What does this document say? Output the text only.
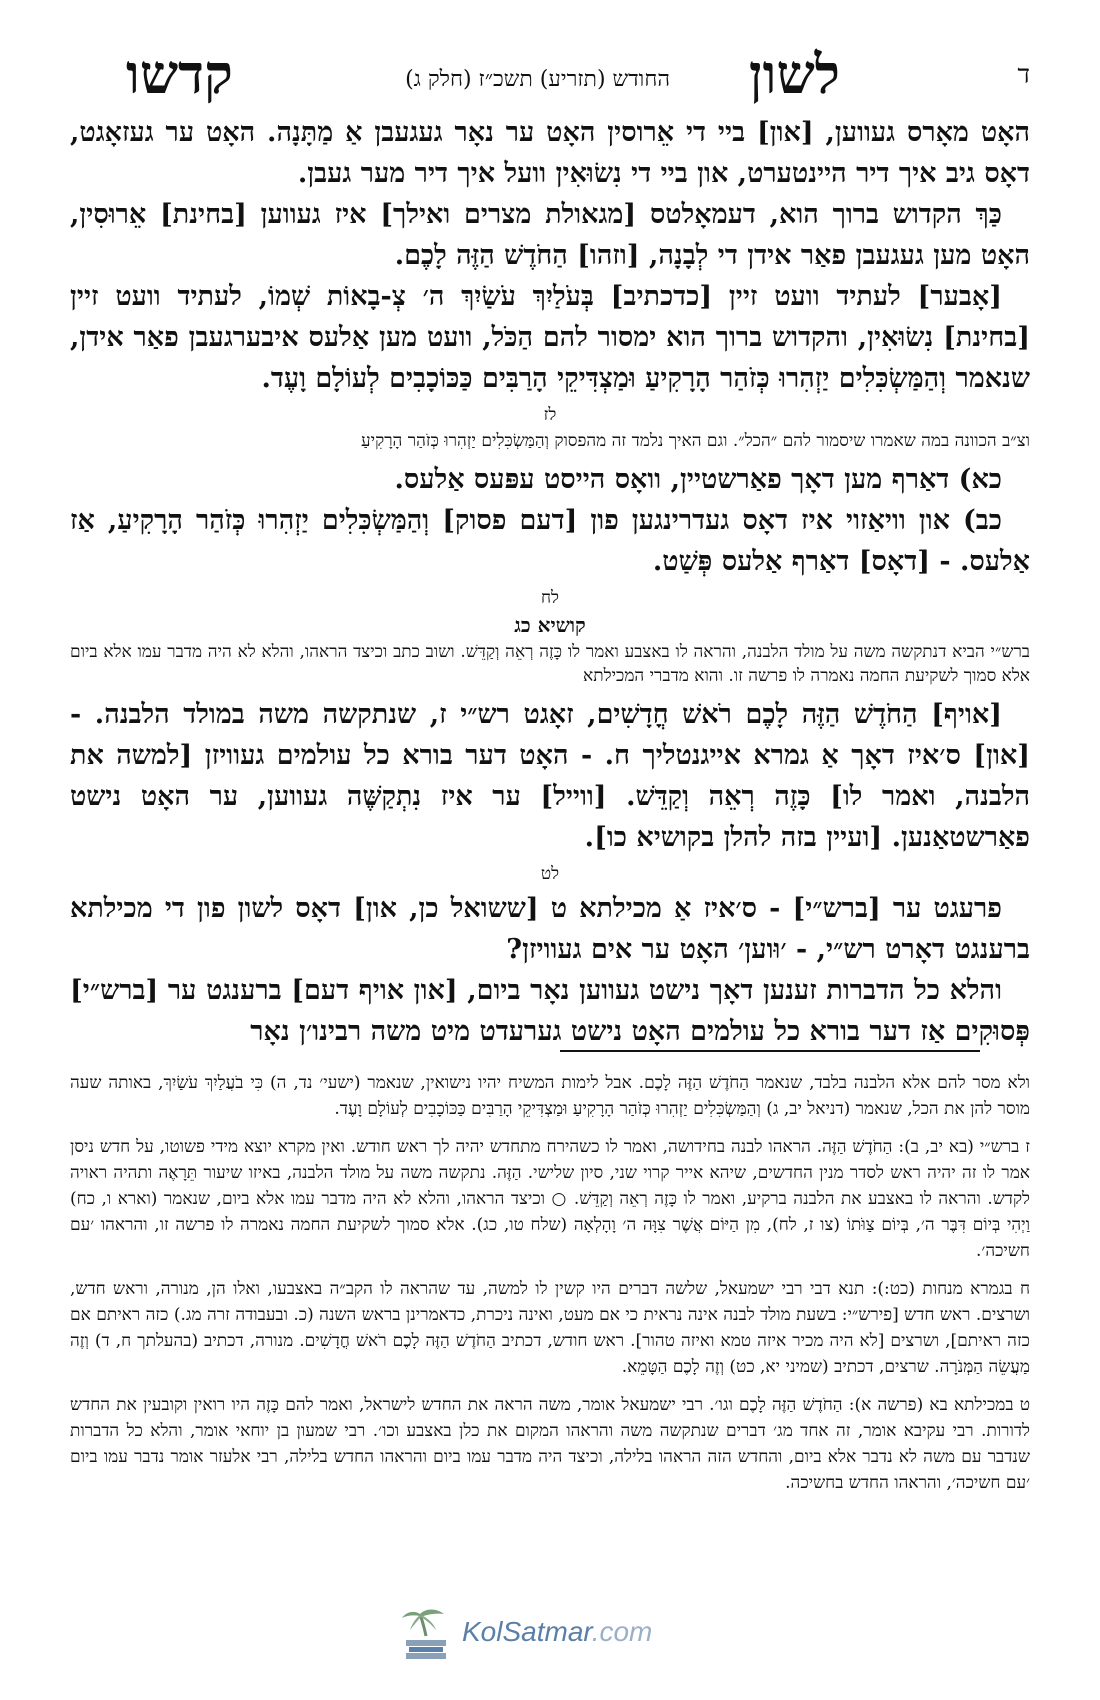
ד
לשון
החודש (תזריע) תשכ״ז (חלק ג)
קדשו

האָט מאָרס געווען, [און] ביי די אֵרוסין האָט ער נאָר געגעבן אַ מַתָּנָה. האָט ער געזאָגט, דאָס גיב איך דיר היינטערט, און ביי די נִשׂוּאִין וועל איך דיר מער געבן.

כַּךְ הקדוש ברוך הוא, דעמאָלטס [מגאולת מצרים ואילך] איז געווען [בחינת] אֵרוּסִין, האָט מען געגעבן פאַר אידן די לְבָנָה, [וזהו] הַחֹדֶשׁ הַזֶּה לָכֶם.

[אָבער] לעתיד וועט זיין [כדכתיב] בְּעֹלַיִךְ עֹשַׂיִךְ ה׳ צְ-בָאוֹת שְׁמוֹ, לעתיד וועט זיין [בחינת] נִשׂוּאִין, והקדוש ברוך הוא ימסור להם הַכֹּל, וועט מען אַלעס איבערגעבן פאַר אידן, שנאמר וְהַמַּשְׂכִּלִים יַזְהִרוּ כְּזֹהַר הָרָקִיעַ וּמַצְדִּיקֵי הָרַבִּים כַּכּוֹכָבִים לְעוֹלָם וָעֶד.

לז
וצ״ב הכוונה במה שאמרו שיסמור להם ״הכל״. וגם האיך נלמד זה מהפסוק וְהַמַּשְׂכִּלִים יַזְהִרוּ כְּזֹהַר הָרָקִיעַ

כא) דאַרף מען דאָך פאַרשטיין, וואָס הייסט עפּעס אַלעס.

כב) און וויאַזוי איז דאָס געדרינגען פון [דעם פסוק] וְהַמַּשְׂכִּלִים יַזְהִרוּ כְּזֹהַר הָרָקִיעַ, אַז אַלעס. - [דאָס] דאַרף אַלעס פְּשַׁט.

לח
קושיא כג
ברש״י הביא דנתקשה משה על מולד הלבנה, והראה לו באצבע ואמר לו כָּזֶה רְאֵה וְקַדֵּשׁ. ושוב כתב וכיצד הראהו, והלא לא היה מדבר עמו אלא ביום אלא סמוך לשקיעת החמה נאמרה לו פרשה זו. והוא מדברי המכילתא

[אויף] הַחֹדֶשׁ הַזֶּה לָכֶם רֹאשׁ חֳדָשִׁים, זאָגט רש״י ז, שנתקשה משה במולד הלבנה. - [און] ס׳איז דאָך אַ גמרא אייגנטליך ח. - האָט דער בורא כל עולמים געוויזן [למשה את הלבנה, ואמר לו] כָּזֶה רְאֵה וְקַדֵּשׁ. [ווייל] ער איז נִתְקַשֶּׁה געווען, ער האָט נישט פאַרשטאַנען. [ועיין בזה להלן בקושיא כו].

לט

פרעגט ער [ברש״י] - ס׳איז אַ מכילתא ט [ששואל כן, און] דאָס לשון פון די מכילתא ברענגט דאָרט רש״י, - ׳וּוען׳ האָט ער אים געוויזן?

והלא כל הדברות זענען דאָך נישט געווען נאָר ביום, [און אויף דעם] ברענגט ער [ברש״י] פְּסוּקִים אַז דער בורא כל עולמים האָט נישט גערעדט מיט משה רבינו׳ן נאָר

ולא מסר להם אלא הלבנה בלבד, שנאמר הַחֹדֶשׁ הַזֶּה לָכֶם. אבל לימות המשיח יהיו נישואין, שנאמר (ישעי׳ נד, ה) כִּי בֹעֲלַיִךְ עֹשַׂיִךְ, באותה שעה מוסר להן את הכל, שנאמר (דניאל יב, ג) וְהַמַּשְׂכִּלִים יַזְהִרוּ כְּזֹהַר הָרָקִיעַ וּמַצְדִּיקֵי הָרַבִּים כַּכּוֹכָבִים לְעוֹלָם וָעֶד.

ז ברש״י (בא יב, ב): הַחֹדֶשׁ הַזֶּה. הראהו לבנה בחידושה, ואמר לו כשהירח מתחדש יהיה לך ראש חודש. ואין מקרא יוצא מידי פשוטו, על חדש ניסן אמר לו זה יהיה ראש לסדר מנין החדשים, שיהא אייר קרוי שני, סיון שלישי. הַזֶּה. נתקשה משה על מולד הלבנה, באיזו שיעור תֵּרָאֶה ותהיה ראויה לקדש. והראה לו באצבע את הלבנה ברקיע, ואמר לו כָּזֶה רְאֵה וְקַדֵּשׁ. ○ וכיצד הראהו, והלא לא היה מדבר עמו אלא ביום, שנאמר (וארא ו, כח) וַיְהִי בְּיוֹם דִּבֶּר ה׳, בְּיוֹם צַוֹּתוֹ (צו ז, לח), מִן הַיּוֹם אֲשֶׁר צִוָּה ה׳ וָהָלְאָה (שלח טו, כג). אלא סמוך לשקיעת החמה נאמרה לו פרשה זו, והראהו ׳עם חשיכה׳.

ח בגמרא מנחות (כט:): תנא דבי רבי ישמעאל, שלשה דברים היו קשין לו למשה, עד שהראה לו הקב״ה באצבעו, ואלו הן, מנורה, וראש חדש, ושרצים. ראש חדש [פירש״י: בשעת מולד לבנה אינה נראית כי אם מעט, ואינה ניכרת, כדאמרינן בראש השנה (כ. ובעבודה זרה מג.) כזה ראיתם אם כזה ראיתם], ושרצים [לא היה מכיר איזה טמא ואיזה טהור]. ראש חודש, דכתיב הַחֹדֶשׁ הַזֶּה לָכֶם רֹאשׁ חֳדָשִׁים. מנורה, דכתיב (בהעלתך ח, ד) וְזֶה מַעֲשֵׂה הַמְּנֹרָה. שרצים, דכתיב (שמיני יא, כט) וְזֶה לָכֶם הַטָּמֵא.

ט במכילתא בא (פרשה א): הַחֹדֶשׁ הַזֶּה לָכֶם וגו׳. רבי ישמעאל אומר, משה הראה את החדש לישראל, ואמר להם כָּזֶה היו רואין וקובעין את החדש לדורות. רבי עקיבא אומר, זה אחד מג׳ דברים שנתקשה משה והראהו המקום את כלן באצבע וכו׳. רבי שמעון בן יוחאי אומר, והלא כל הדברות שנדבר עם משה לא נדבר אלא ביום, והחדש הזה הראהו בלילה, וכיצד היה מדבר עמו ביום והראהו החדש בלילה, רבי אלעזר אומר נדבר עמו ביום ׳עם חשיכה׳, והראהו החדש בחשיכה.

KolSatmar.com
